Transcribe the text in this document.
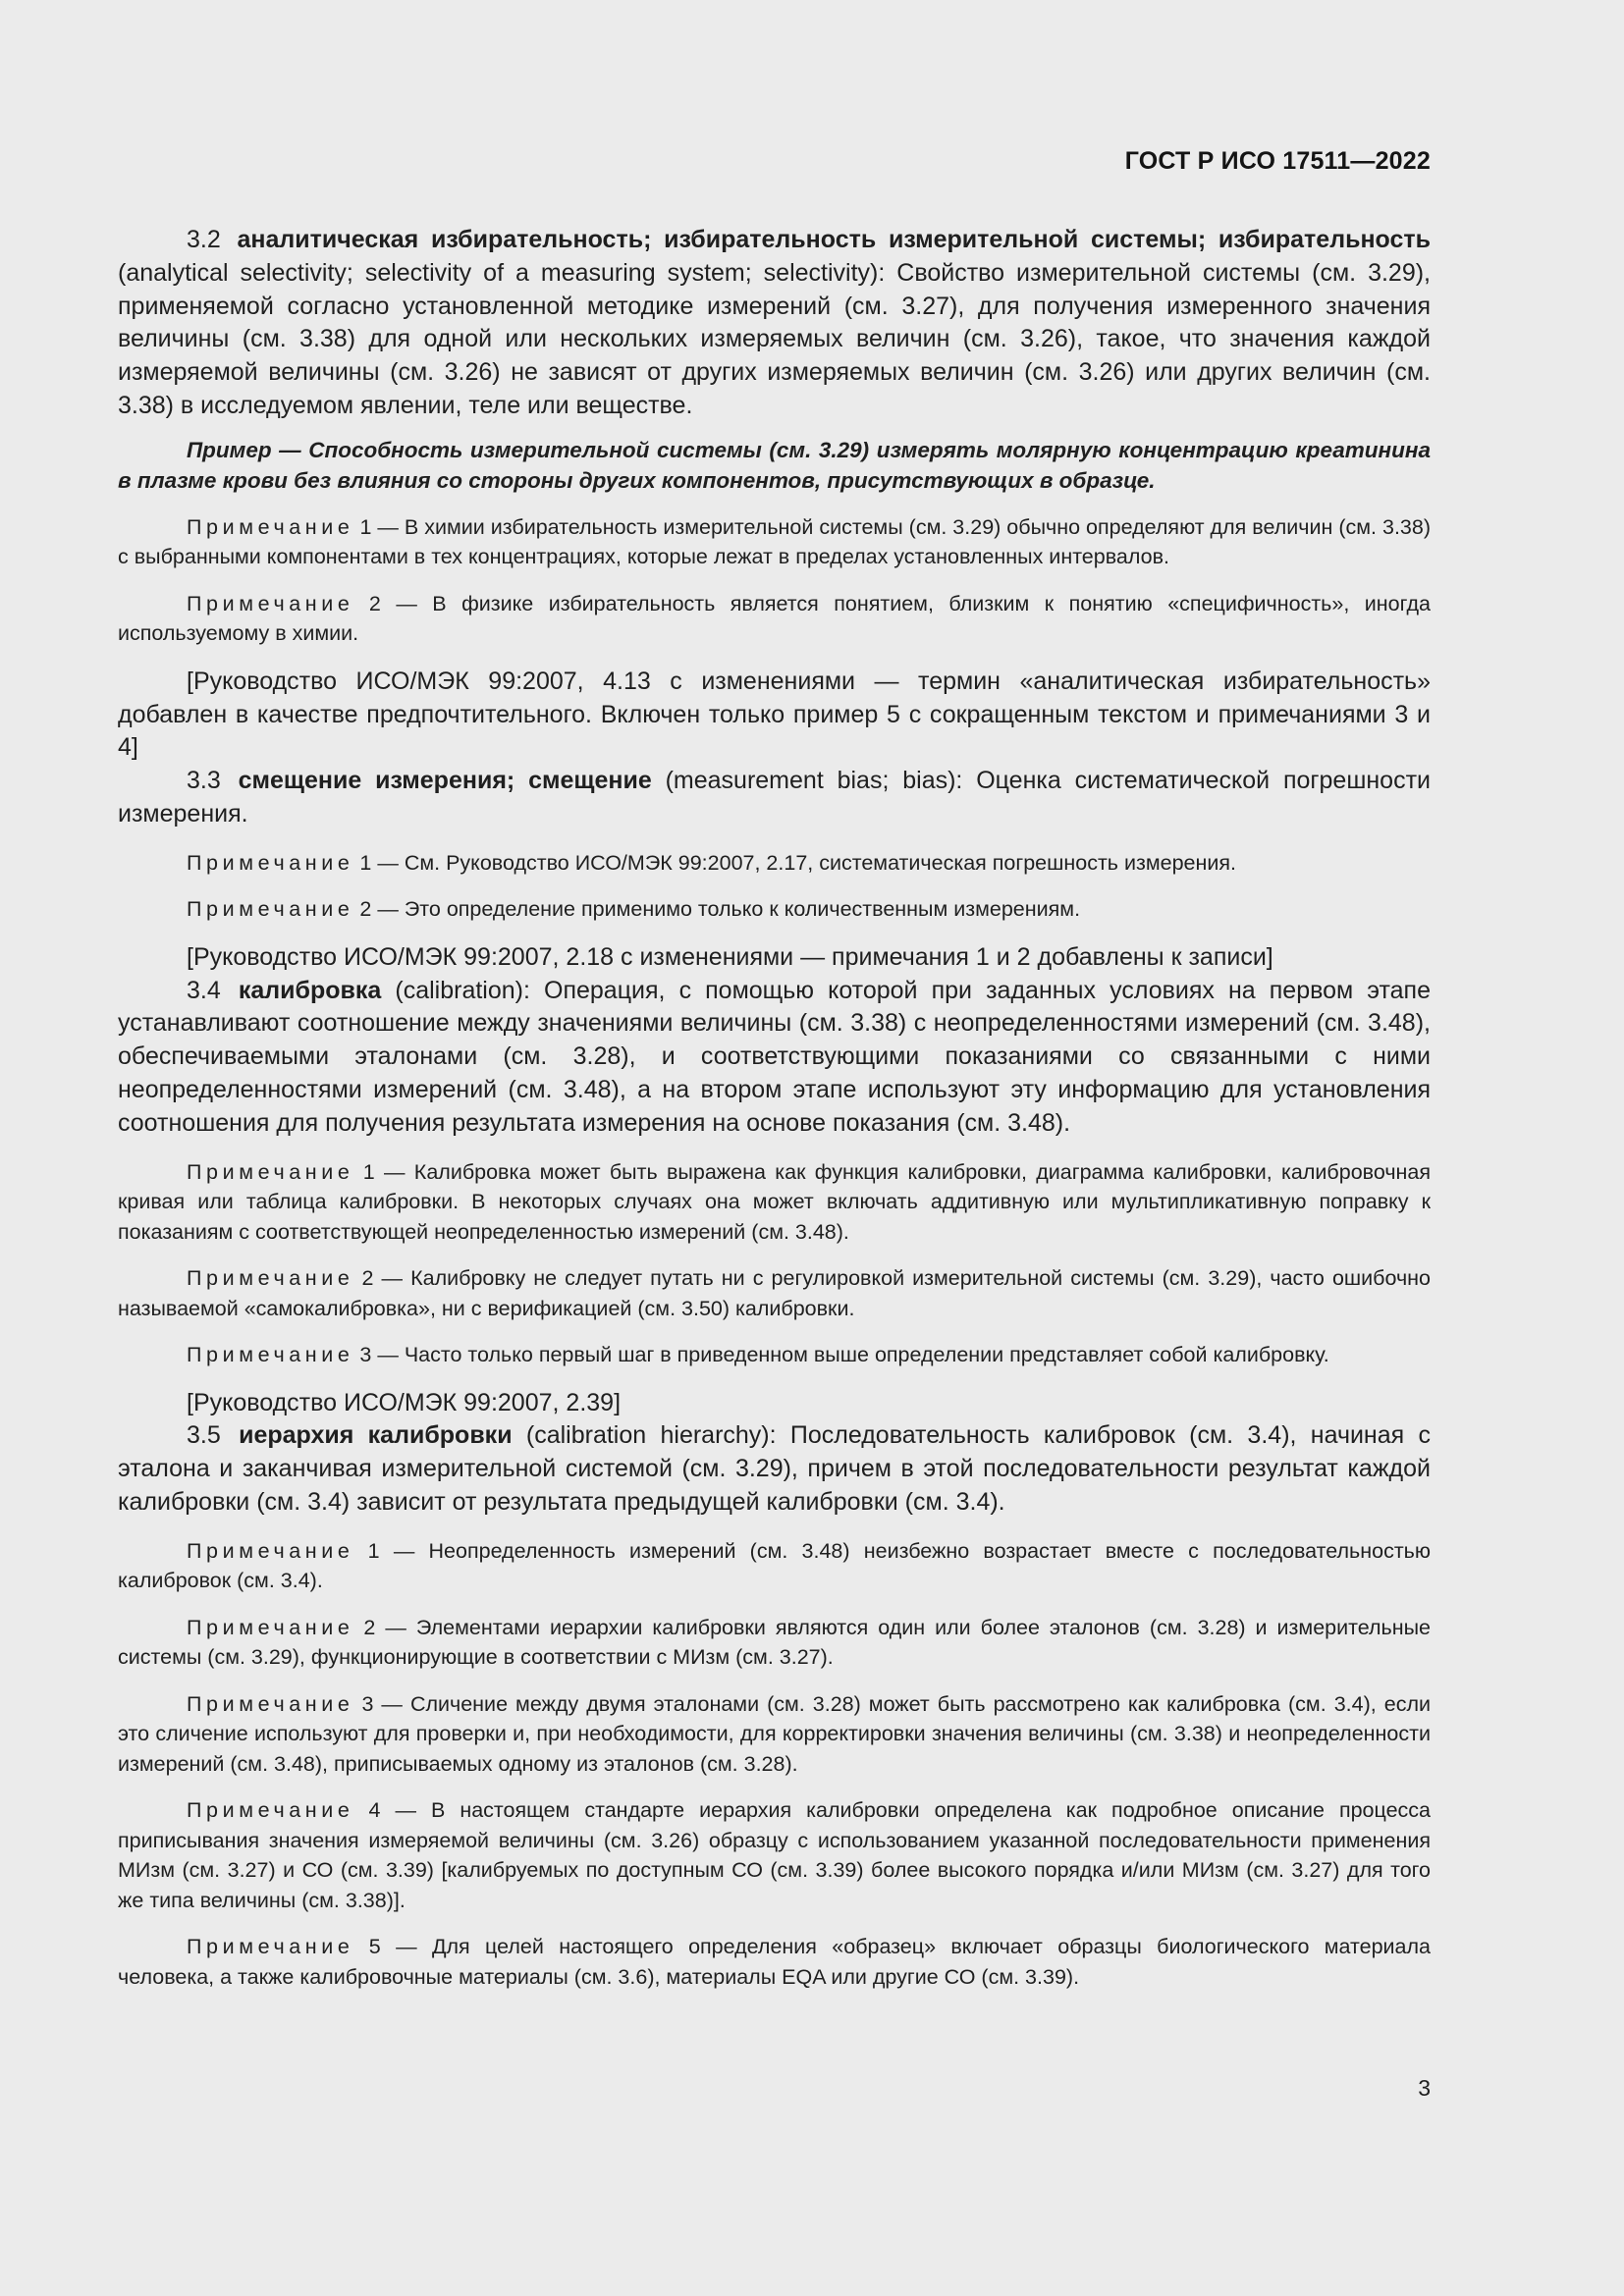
ГОСТ Р ИСО 17511—2022

3.2 аналитическая избирательность; избирательность измерительной системы; избирательность (analytical selectivity; selectivity of a measuring system; selectivity): Свойство измерительной системы (см. 3.29), применяемой согласно установленной методике измерений (см. 3.27), для получения измеренного значения величины (см. 3.38) для одной или нескольких измеряемых величин (см. 3.26), такое, что значения каждой измеряемой величины (см. 3.26) не зависят от других измеряемых величин (см. 3.26) или других величин (см. 3.38) в исследуемом явлении, теле или веществе.

Пример — Способность измерительной системы (см. 3.29) измерять молярную концентрацию креатинина в плазме крови без влияния со стороны других компонентов, присутствующих в образце.

Примечание 1 — В химии избирательность измерительной системы (см. 3.29) обычно определяют для величин (см. 3.38) с выбранными компонентами в тех концентрациях, которые лежат в пределах установленных интервалов.

Примечание 2 — В физике избирательность является понятием, близким к понятию «специфичность», иногда используемому в химии.

[Руководство ИСО/МЭК 99:2007, 4.13 с изменениями — термин «аналитическая избирательность» добавлен в качестве предпочтительного. Включен только пример 5 с сокращенным текстом и примечаниями 3 и 4]

3.3 смещение измерения; смещение (measurement bias; bias): Оценка систематической погрешности измерения.

Примечание 1 — См. Руководство ИСО/МЭК 99:2007, 2.17, систематическая погрешность измерения.

Примечание 2 — Это определение применимо только к количественным измерениям.

[Руководство ИСО/МЭК 99:2007, 2.18 с изменениями — примечания 1 и 2 добавлены к записи]

3.4 калибровка (calibration): Операция, с помощью которой при заданных условиях на первом этапе устанавливают соотношение между значениями величины (см. 3.38) с неопределенностями измерений (см. 3.48), обеспечиваемыми эталонами (см. 3.28), и соответствующими показаниями со связанными с ними неопределенностями измерений (см. 3.48), а на втором этапе используют эту информацию для установления соотношения для получения результата измерения на основе показания (см. 3.48).

Примечание 1 — Калибровка может быть выражена как функция калибровки, диаграмма калибровки, калибровочная кривая или таблица калибровки. В некоторых случаях она может включать аддитивную или мультипликативную поправку к показаниям с соответствующей неопределенностью измерений (см. 3.48).

Примечание 2 — Калибровку не следует путать ни с регулировкой измерительной системы (см. 3.29), часто ошибочно называемой «самокалибровка», ни с верификацией (см. 3.50) калибровки.

Примечание 3 — Часто только первый шаг в приведенном выше определении представляет собой калибровку.

[Руководство ИСО/МЭК 99:2007, 2.39]

3.5 иерархия калибровки (calibration hierarchy): Последовательность калибровок (см. 3.4), начиная с эталона и заканчивая измерительной системой (см. 3.29), причем в этой последовательности результат каждой калибровки (см. 3.4) зависит от результата предыдущей калибровки (см. 3.4).

Примечание 1 — Неопределенность измерений (см. 3.48) неизбежно возрастает вместе с последовательностью калибровок (см. 3.4).

Примечание 2 — Элементами иерархии калибровки являются один или более эталонов (см. 3.28) и измерительные системы (см. 3.29), функционирующие в соответствии с МИзм (см. 3.27).

Примечание 3 — Сличение между двумя эталонами (см. 3.28) может быть рассмотрено как калибровка (см. 3.4), если это сличение используют для проверки и, при необходимости, для корректировки значения величины (см. 3.38) и неопределенности измерений (см. 3.48), приписываемых одному из эталонов (см. 3.28).

Примечание 4 — В настоящем стандарте иерархия калибровки определена как подробное описание процесса приписывания значения измеряемой величины (см. 3.26) образцу с использованием указанной последовательности применения МИзм (см. 3.27) и СО (см. 3.39) [калибруемых по доступным СО (см. 3.39) более высокого порядка и/или МИзм (см. 3.27) для того же типа величины (см. 3.38)].

Примечание 5 — Для целей настоящего определения «образец» включает образцы биологического материала человека, а также калибровочные материалы (см. 3.6), материалы EQA или другие СО (см. 3.39).

3
